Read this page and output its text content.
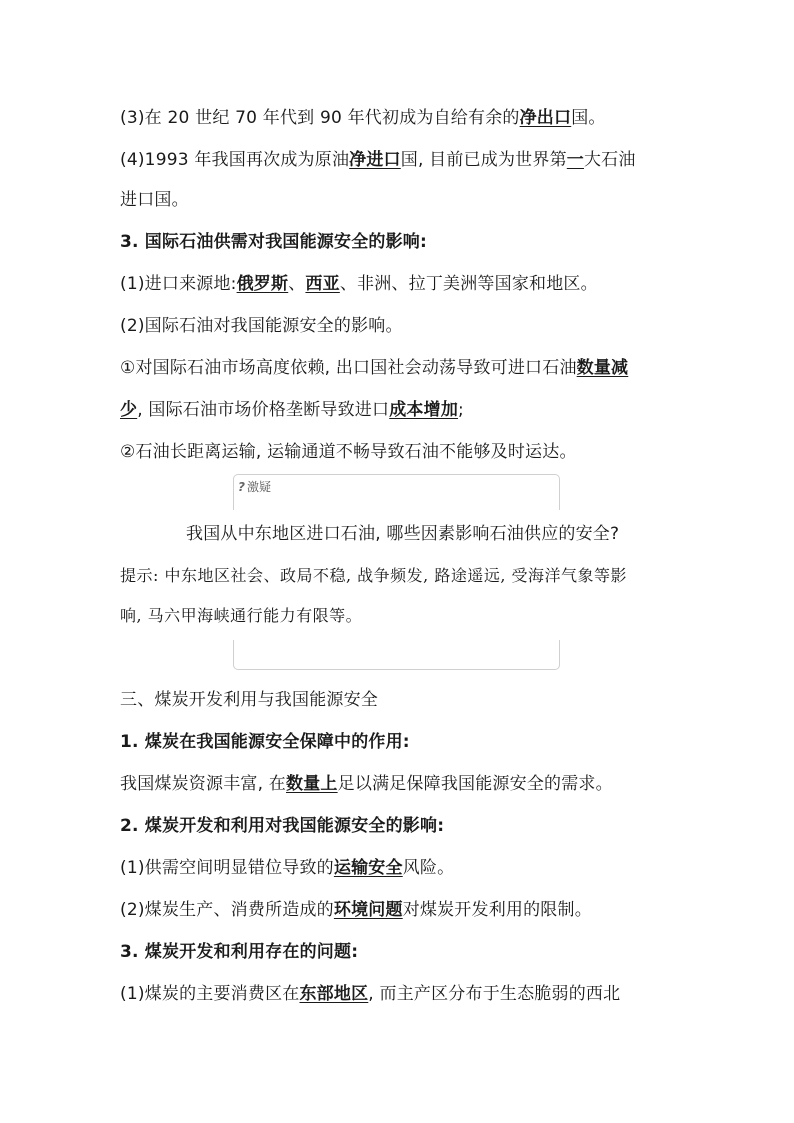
(3)在 20 世纪 70 年代到 90 年代初成为自给有余的净出口国。
(4)1993 年我国再次成为原油净进口国, 目前已成为世界第一大石油
进口国。
3. 国际石油供需对我国能源安全的影响:
(1)进口来源地:俄罗斯、西亚、非洲、拉丁美洲等国家和地区。
(2)国际石油对我国能源安全的影响。
①对国际石油市场高度依赖, 出口国社会动荡导致可进口石油数量减
少, 国际石油市场价格垄断导致进口成本增加;
②石油长距离运输, 运输通道不畅导致石油不能够及时运达。
? 激疑
我国从中东地区进口石油, 哪些因素影响石油供应的安全?
提示: 中东地区社会、政局不稳, 战争频发, 路途遥远, 受海洋气象等影
响, 马六甲海峡通行能力有限等。
三、煤炭开发利用与我国能源安全
1. 煤炭在我国能源安全保障中的作用:
我国煤炭资源丰富, 在数量上足以满足保障我国能源安全的需求。
2. 煤炭开发和利用对我国能源安全的影响:
(1)供需空间明显错位导致的运输安全风险。
(2)煤炭生产、消费所造成的环境问题对煤炭开发利用的限制。
3. 煤炭开发和利用存在的问题:
(1)煤炭的主要消费区在东部地区, 而主产区分布于生态脆弱的西北
